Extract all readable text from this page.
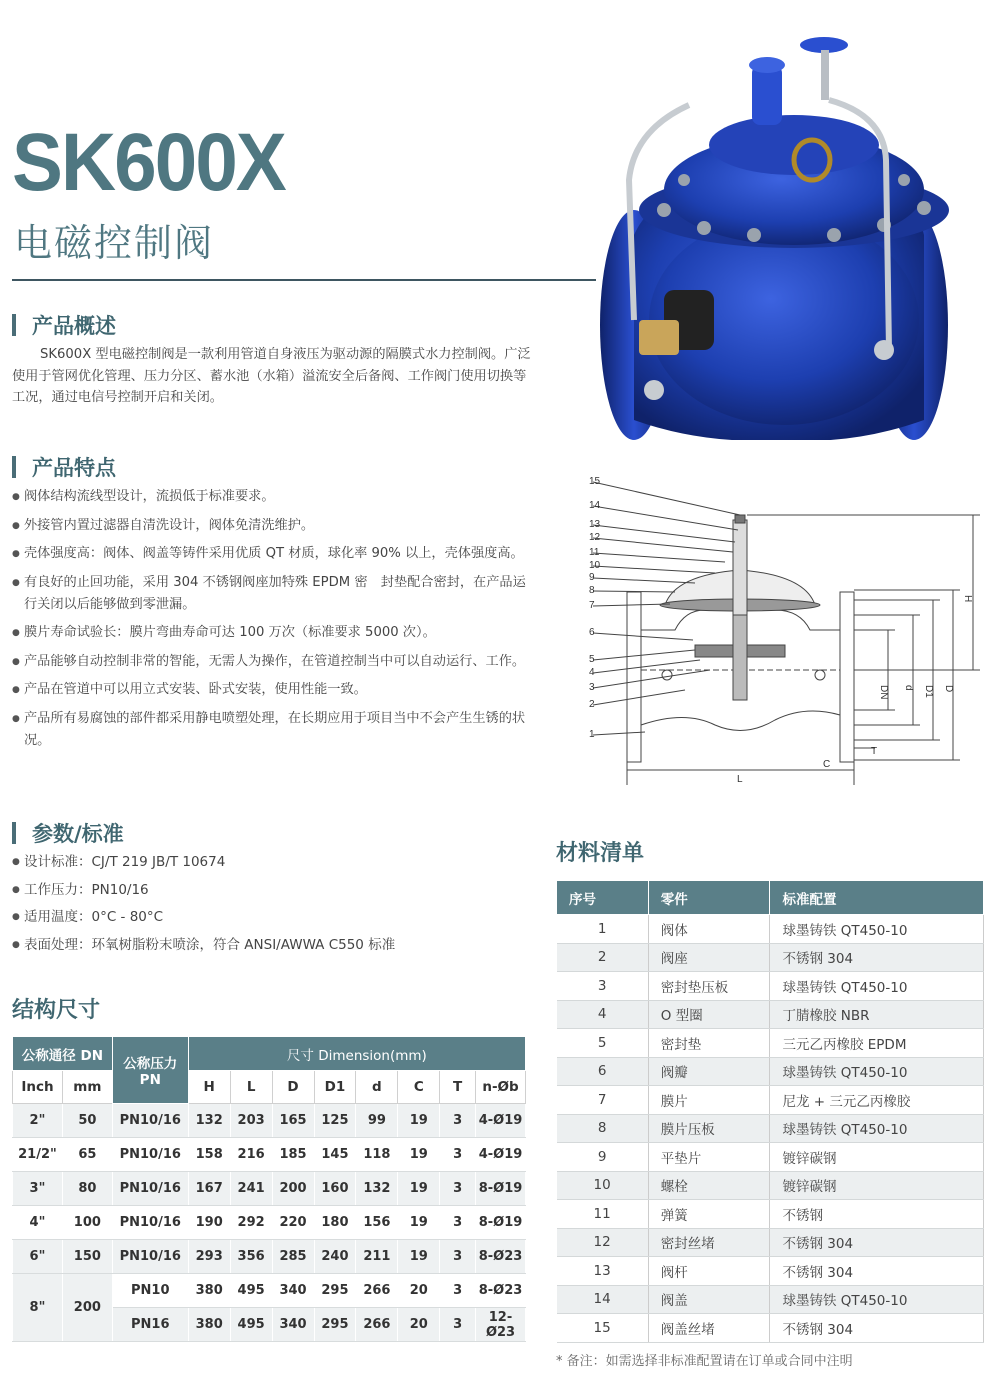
SK600X
电磁控制阀
产品概述
SK600X 型电磁控制阀是一款利用管道自身液压为驱动源的隔膜式水力控制阀。广泛使用于管网优化管理、压力分区、蓄水池（水箱）溢流安全后备阀、工作阀门使用切换等工况，通过电信号控制开启和关闭。
产品特点
● 阀体结构流线型设计，流损低于标准要求。
● 外接管内置过滤器自清洗设计，阀体免清洗维护。
● 壳体强度高：阀体、阀盖等铸件采用优质 QT 材质，球化率 90% 以上，壳体强度高。
● 有良好的止回功能，采用 304 不锈钢阀座加特殊 EPDM 密　封垫配合密封，在产品运行关闭以后能够做到零泄漏。
● 膜片寿命试验长：膜片弯曲寿命可达 100 万次（标准要求 5000 次）。
● 产品能够自动控制非常的智能，无需人为操作，在管道控制当中可以自动运行、工作。
● 产品在管道中可以用立式安装、卧式安装，使用性能一致。
● 产品所有易腐蚀的部件都采用静电喷塑处理，在长期应用于项目当中不会产生生锈的状况。
15
14
13
12
11
10
9
8
7
6
5
4
3
2
1
H
DN d D1 D
L
C
T
参数/标准
● 设计标准：CJ/T 219 JB/T 10674
● 工作压力：PN10/16
● 适用温度：0°C - 80°C
● 表面处理：环氧树脂粉末喷涂，符合 ANSI/AWWA C550 标准
结构尺寸
公称通径 DN		公称压力 PN	尺寸 Dimension(mm)							
Inch	mm		H	L	D	D1	d	C	T	n-Øb
2"	50	PN10/16	132	203	165	125	99	19	3	4-Ø19
21/2"	65	PN10/16	158	216	185	145	118	19	3	4-Ø19
3"	80	PN10/16	167	241	200	160	132	19	3	8-Ø19
4"	100	PN10/16	190	292	220	180	156	19	3	8-Ø19
6"	150	PN10/16	293	356	285	240	211	19	3	8-Ø23
8"	200	PN10	380	495	340	295	266	20	3	8-Ø23
		PN16	380	495	340	295	266	20	3	12-Ø23
材料清单
序号	零件	标准配置
1	阀体	球墨铸铁 QT450-10
2	阀座	不锈钢 304
3	密封垫压板	球墨铸铁 QT450-10
4	O 型圈	丁腈橡胶 NBR
5	密封垫	三元乙丙橡胶 EPDM
6	阀瓣	球墨铸铁 QT450-10
7	膜片	尼龙 + 三元乙丙橡胶
8	膜片压板	球墨铸铁 QT450-10
9	平垫片	镀锌碳钢
10	螺栓	镀锌碳钢
11	弹簧	不锈钢
12	密封丝堵	不锈钢 304
13	阀杆	不锈钢 304
14	阀盖	球墨铸铁 QT450-10
15	阀盖丝堵	不锈钢 304
* 备注：如需选择非标准配置请在订单或合同中注明
